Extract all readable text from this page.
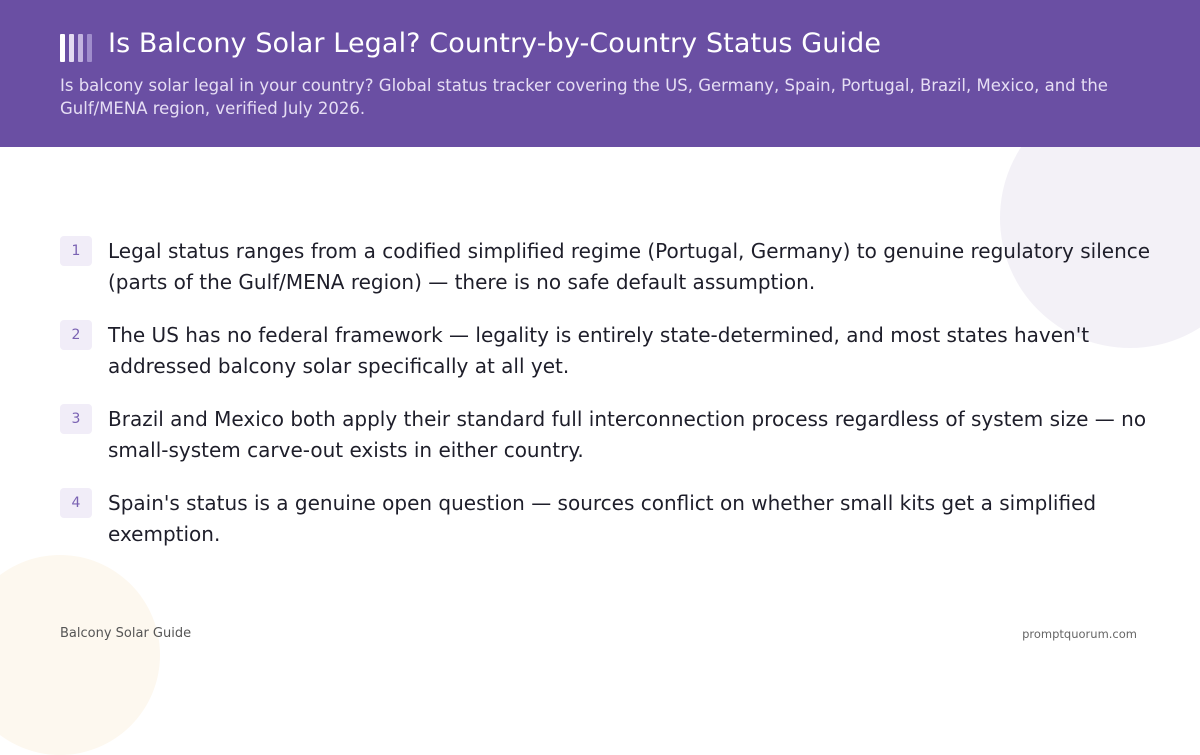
Is Balcony Solar Legal? Country-by-Country Status Guide

Is balcony solar legal in your country? Global status tracker covering the US, Germany, Spain, Portugal, Brazil, Mexico, and the Gulf/MENA region, verified July 2026.

1	Legal status ranges from a codified simplified regime (Portugal, Germany) to genuine regulatory silence (parts of the Gulf/MENA region) — there is no safe default assumption.
2	The US has no federal framework — legality is entirely state-determined, and most states haven't addressed balcony solar specifically at all yet.
3	Brazil and Mexico both apply their standard full interconnection process regardless of system size — no small-system carve-out exists in either country.
4	Spain's status is a genuine open question — sources conflict on whether small kits get a simplified exemption.
Balcony Solar Guide	promptquorum.com
